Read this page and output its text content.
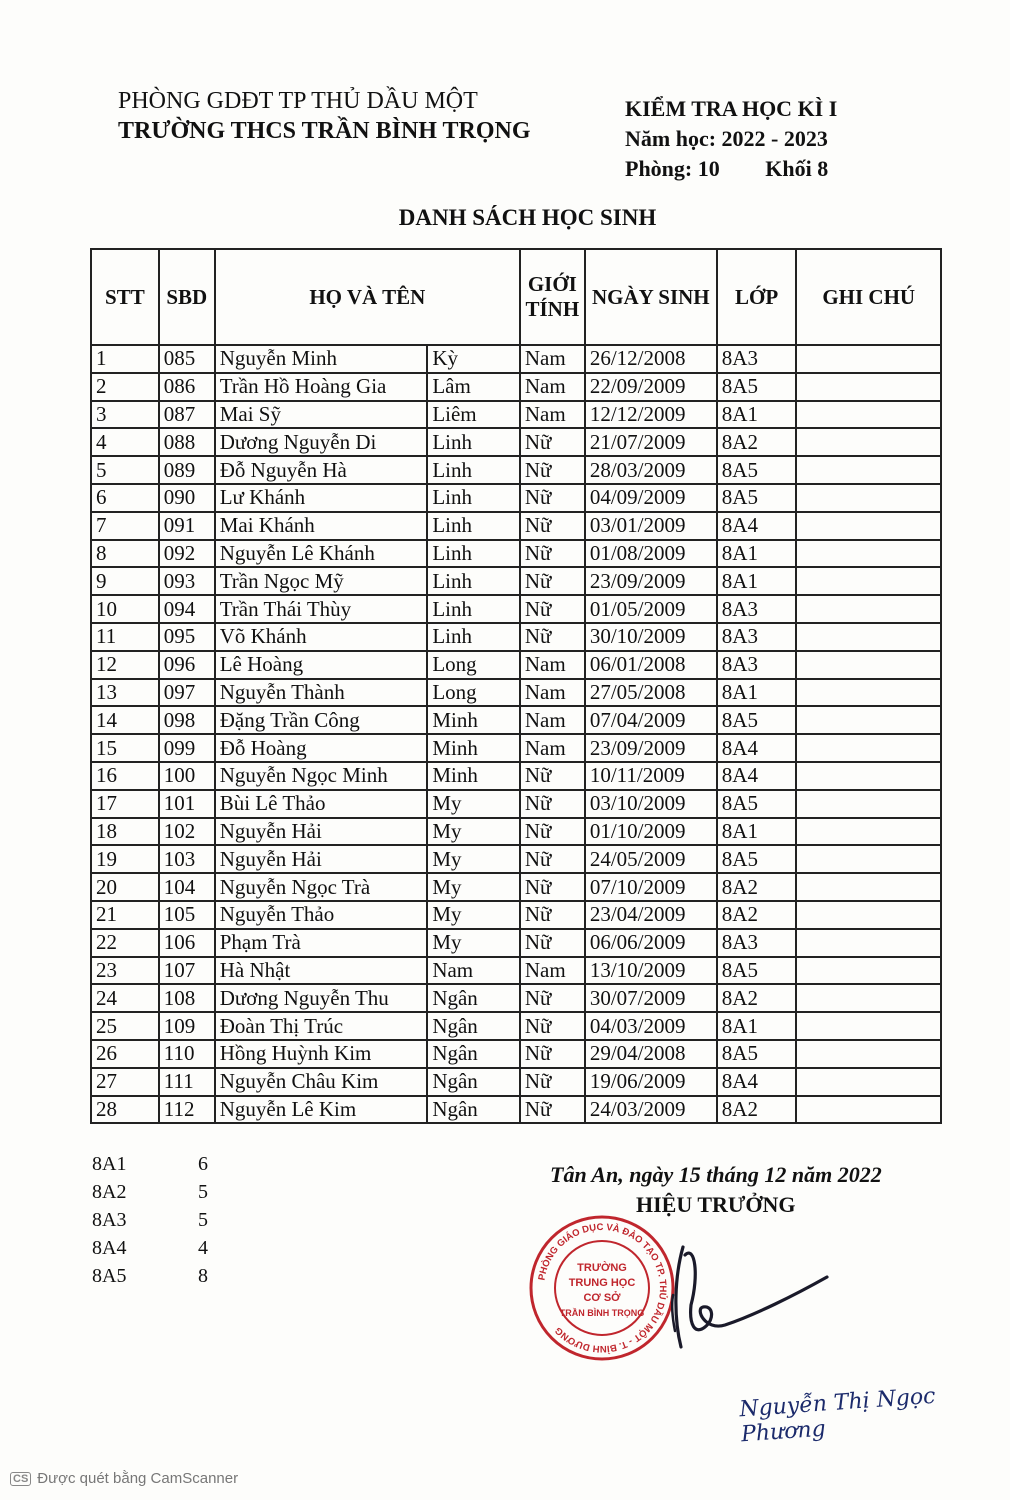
PHÒNG GDĐT TP THỦ DẦU MỘT
TRƯỜNG THCS TRẦN BÌNH TRỌNG
KIỂM TRA HỌC KÌ I
Năm học: 2022 - 2023
Phòng: 10 Khối 8
DANH SÁCH HỌC SINH
STT	SBD	HỌ VÀ TÊN		GIỚI
TÍNH	NGÀY SINH	LỚP	GHI CHÚ
1	085	Nguyễn Minh	Kỳ	Nam	26/12/2008	8A3	
2	086	Trần Hồ Hoàng Gia	Lâm	Nam	22/09/2009	8A5	
3	087	Mai Sỹ	Liêm	Nam	12/12/2009	8A1	
4	088	Dương Nguyễn Di	Linh	Nữ	21/07/2009	8A2	
5	089	Đỗ Nguyễn Hà	Linh	Nữ	28/03/2009	8A5	
6	090	Lư Khánh	Linh	Nữ	04/09/2009	8A5	
7	091	Mai Khánh	Linh	Nữ	03/01/2009	8A4	
8	092	Nguyễn Lê Khánh	Linh	Nữ	01/08/2009	8A1	
9	093	Trần Ngọc Mỹ	Linh	Nữ	23/09/2009	8A1	
10	094	Trần Thái Thùy	Linh	Nữ	01/05/2009	8A3	
11	095	Võ Khánh	Linh	Nữ	30/10/2009	8A3	
12	096	Lê Hoàng	Long	Nam	06/01/2008	8A3	
13	097	Nguyễn Thành	Long	Nam	27/05/2008	8A1	
14	098	Đặng Trần Công	Minh	Nam	07/04/2009	8A5	
15	099	Đỗ Hoàng	Minh	Nam	23/09/2009	8A4	
16	100	Nguyễn Ngọc Minh	Minh	Nữ	10/11/2009	8A4	
17	101	Bùi Lê Thảo	My	Nữ	03/10/2009	8A5	
18	102	Nguyễn Hải	My	Nữ	01/10/2009	8A1	
19	103	Nguyễn Hải	My	Nữ	24/05/2009	8A5	
20	104	Nguyễn Ngọc Trà	My	Nữ	07/10/2009	8A2	
21	105	Nguyễn Thảo	My	Nữ	23/04/2009	8A2	
22	106	Phạm Trà	My	Nữ	06/06/2009	8A3	
23	107	Hà Nhật	Nam	Nam	13/10/2009	8A5	
24	108	Dương Nguyễn Thu	Ngân	Nữ	30/07/2009	8A2	
25	109	Đoàn Thị Trúc	Ngân	Nữ	04/03/2009	8A1	
26	110	Hồng Huỳnh Kim	Ngân	Nữ	29/04/2008	8A5	
27	111	Nguyễn Châu Kim	Ngân	Nữ	19/06/2009	8A4	
28	112	Nguyễn Lê Kim	Ngân	Nữ	24/03/2009	8A2	
8A1	6
8A2	5
8A3	5
8A4	4
8A5	8
Tân An, ngày 15 tháng 12 năm 2022
HIỆU TRƯỞNG
PHÒNG GIÁO DỤC VÀ ĐÀO TẠO TP. THỦ DẦU MỘT - T. BÌNH DƯƠNG
TRƯỜNG
TRUNG HỌC
CƠ SỞ
TRẦN BÌNH TRỌNG
Nguyễn Thị Ngọc Phương
CS Được quét bằng CamScanner
